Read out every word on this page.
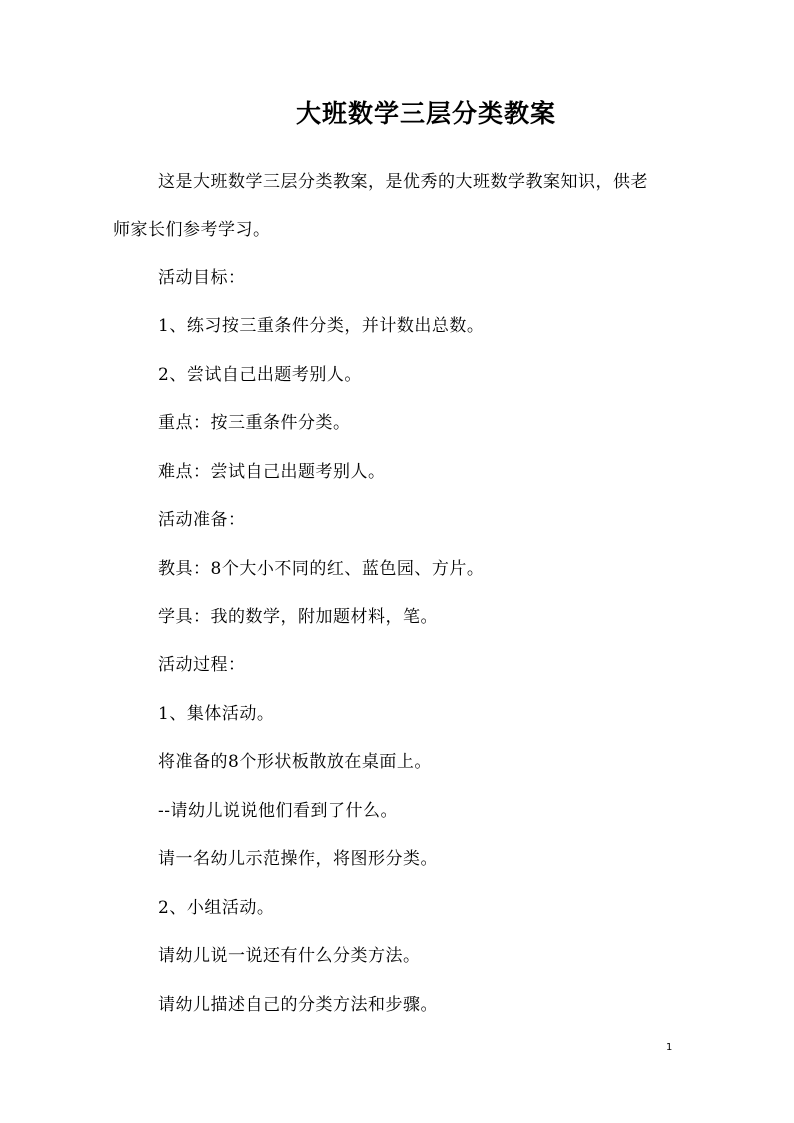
大班数学三层分类教案
这是大班数学三层分类教案，是优秀的大班数学教案知识，供老
师家长们参考学习。
活动目标：
1、练习按三重条件分类，并计数出总数。
2、尝试自己出题考别人。
重点：按三重条件分类。
难点：尝试自己出题考别人。
活动准备：
教具：8个大小不同的红、蓝色园、方片。
学具：我的数学，附加题材料，笔。
活动过程：
1、集体活动。
将准备的8个形状板散放在桌面上。
--请幼儿说说他们看到了什么。
请一名幼儿示范操作，将图形分类。
2、小组活动。
请幼儿说一说还有什么分类方法。
请幼儿描述自己的分类方法和步骤。
1
